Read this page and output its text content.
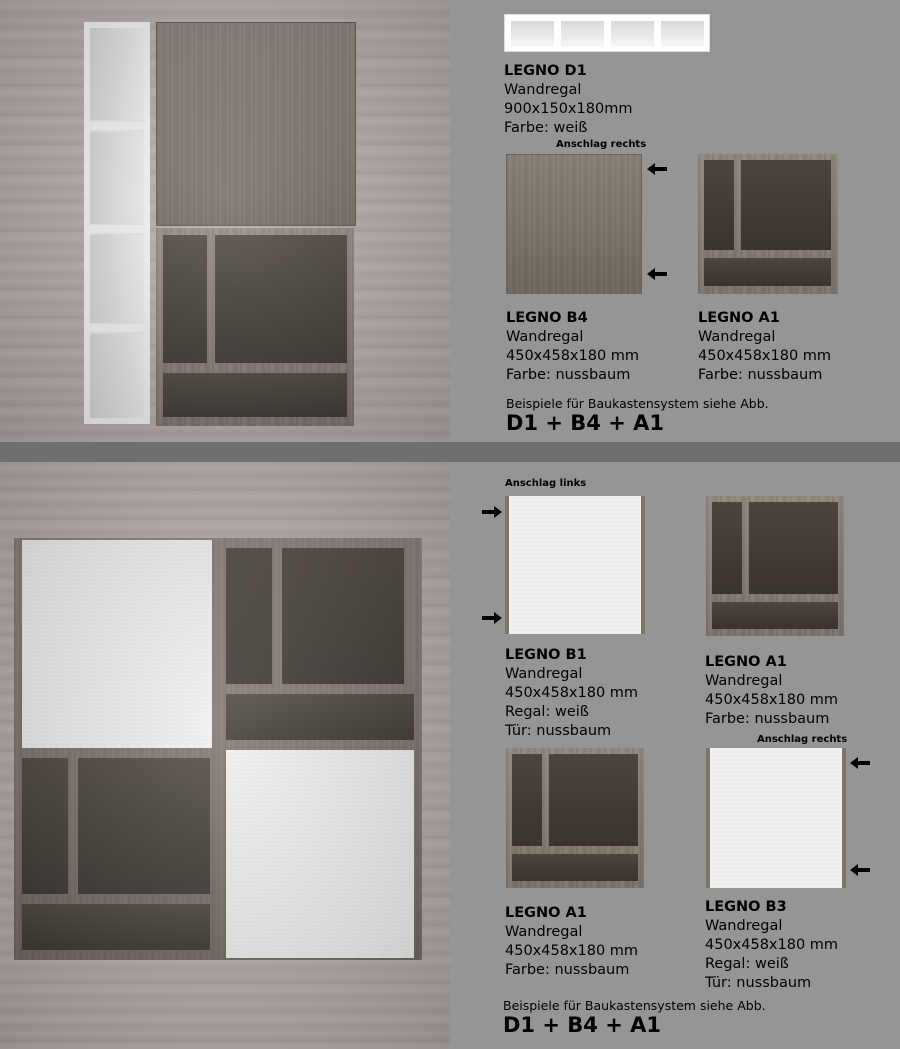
LEGNO D1
Wandregal
900x150x180mm
Farbe: weiß
Anschlag rechts
LEGNO B4
Wandregal
450x458x180 mm
Farbe: nussbaum
LEGNO A1
Wandregal
450x458x180 mm
Farbe: nussbaum
Beispiele für Baukastensystem siehe Abb.
D1 + B4 + A1
Anschlag links
LEGNO B1
Wandregal
450x458x180 mm
Regal: weiß
Tür: nussbaum
LEGNO A1
Wandregal
450x458x180 mm
Farbe: nussbaum
LEGNO A1
Wandregal
450x458x180 mm
Farbe: nussbaum
Anschlag rechts
LEGNO B3
Wandregal
450x458x180 mm
Regal: weiß
Tür: nussbaum
Beispiele für Baukastensystem siehe Abb.
D1 + B4 + A1
